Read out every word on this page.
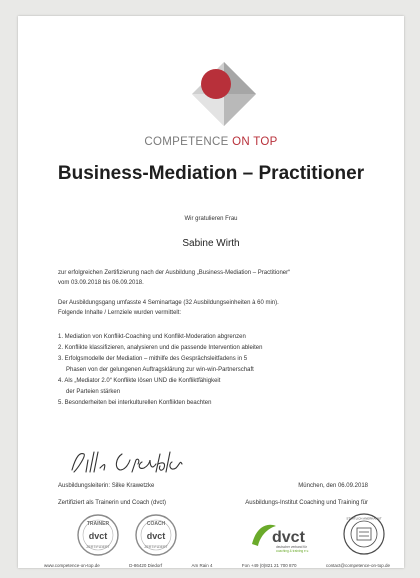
COMPETENCE ON TOP
Business-Mediation – Practitioner
Wir gratulieren Frau
Sabine Wirth
zur erfolgreichen Zertifizierung nach der Ausbildung „Business-Mediation – Practitioner“
vom 03.09.2018 bis 06.09.2018.
Der Ausbildungsgang umfasste 4 Seminartage (32 Ausbildungseinheiten à 60 min).
Folgende Inhalte / Lernziele wurden vermittelt:
1. Mediation von Konflikt-Coaching und Konflikt-Moderation abgrenzen
2. Konflikte klassifizieren, analysieren und die passende Intervention ableiten
3. Erfolgsmodelle der Mediation – mithilfe des Gesprächsleitfadens in 5
Phasen von der gelungenen Auftragsklärung zur win-win-Partnerschaft
4. Als „Mediator 2.0“ Konflikte lösen UND die Konfliktfähigkeit
der Parteien stärken
5. Besonderheiten bei interkulturellen Konflikten beachten
Ausbildungsleiterin: Silke Krawetzke
Zertifiziert als Trainerin und Coach (dvct)
München, den 06.09.2018
Ausbildungs-Institut Coaching und Training für
TRAINER
dvct
ZERTIFIZIERT
COACH
dvct
ZERTIFIZIERT
dvct
deutscher verband für
coaching & training e.v.
STAATLICH ANERKANNT
www.competence-on-top.de	D-86420 Diedorf	Am Rain 4	Fon +49 (0)821 21 700 870	contact@competence-on-top.de
